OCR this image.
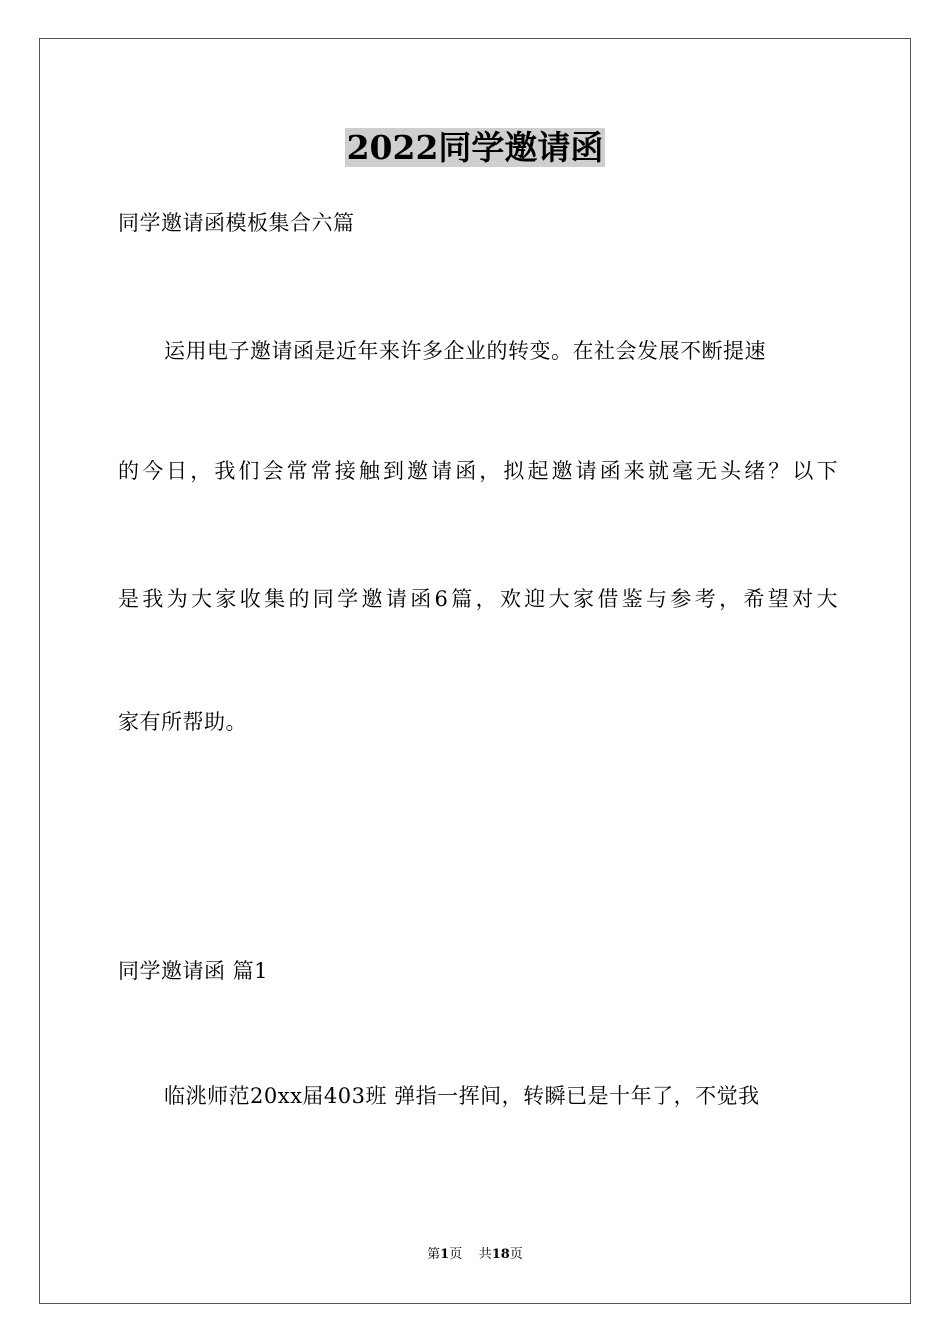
2022同学邀请函

同学邀请函模板集合六篇

运用电子邀请函是近年来许多企业的转变。在社会发展不断提速

的今日，我们会常常接触到邀请函，拟起邀请函来就毫无头绪？以下

是我为大家收集的同学邀请函6篇，欢迎大家借鉴与参考，希望对大

家有所帮助。

同学邀请函 篇1

临洮师范20xx届403班 弹指一挥间，转瞬已是十年了，不觉我

第1页 共18页
